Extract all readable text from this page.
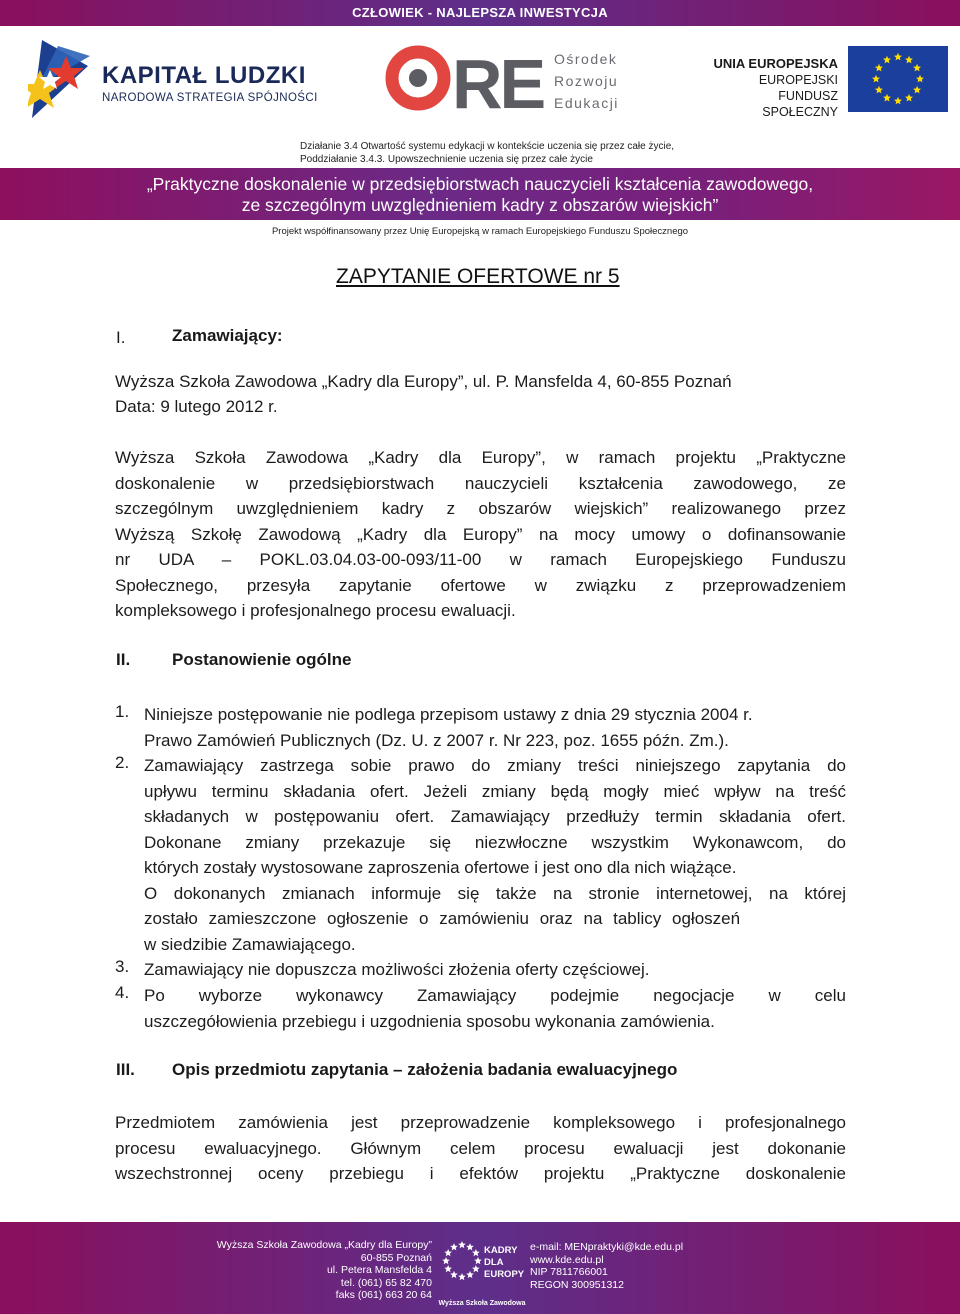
CZŁOWIEK - NAJLEPSZA INWESTYCJA
KAPITAŁ LUDZKI
NARODOWA STRATEGIA SPÓJNOŚCI RE Ośrodek
Rozwoju
Edukacji
UNIA EUROPEJSKA
EUROPEJSKI
FUNDUSZ SPOŁECZNY
Działanie 3.4 Otwartość systemu edykacji w kontekście uczenia się przez całe życie,
Poddziałanie 3.4.3. Upowszechnienie uczenia się przez całe życie
„Praktyczne doskonalenie w przedsiębiorstwach nauczycieli kształcenia zawodowego,
ze szczególnym uwzględnieniem kadry z obszarów wiejskich”
Projekt współfinansowany przez Unię Europejską w ramach Europejskiego Funduszu Społecznego
ZAPYTANIE OFERTOWE nr 5
I.	Zamawiający:
Wyższa Szkoła Zawodowa „Kadry dla Europy”, ul. P. Mansfelda 4, 60-855 Poznań
Data: 9 lutego 2012 r.
Wyższa Szkoła Zawodowa „Kadry dla Europy”, w ramach projektu „Praktyczne
doskonalenie w przedsiębiorstwach nauczycieli kształcenia zawodowego, ze
szczególnym uwzględnieniem kadry z obszarów wiejskich” realizowanego przez
Wyższą Szkołę Zawodową „Kadry dla Europy” na mocy umowy o dofinansowanie
nr UDA – POKL.03.04.03-00-093/11-00 w ramach Europejskiego Funduszu
Społecznego, przesyła zapytanie ofertowe w związku z przeprowadzeniem
kompleksowego i profesjonalnego procesu ewaluacji.
II. Postanowienie ogólne
1. Niniejsze postępowanie nie podlega przepisom ustawy z dnia 29 stycznia 2004 r.
Prawo Zamówień Publicznych (Dz. U. z 2007 r. Nr 223, poz. 1655 późn. Zm.).
2. Zamawiający zastrzega sobie prawo do zmiany treści niniejszego zapytania do
upływu terminu składania ofert. Jeżeli zmiany będą mogły mieć wpływ na treść
składanych w postępowaniu ofert. Zamawiający przedłuży termin składania ofert.
Dokonane zmiany przekazuje się niezwłoczne wszystkim Wykonawcom, do
których zostały wystosowane zaproszenia ofertowe i jest ono dla nich wiążące.
O dokonanych zmianach informuje się także na stronie internetowej, na której
zostało zamieszczone ogłoszenie o zamówieniu oraz na tablicy ogłoszeń
w siedzibie Zamawiającego.
3. Zamawiający nie dopuszcza możliwości złożenia oferty częściowej.
4. Po wyborze wykonawcy Zamawiający podejmie negocjacje w celu
uszczegółowienia przebiegu i uzgodnienia sposobu wykonania zamówienia.
III. Opis przedmiotu zapytania – założenia badania ewaluacyjnego
Przedmiotem zamówienia jest przeprowadzenie kompleksowego i profesjonalnego
procesu ewaluacyjnego. Głównym celem procesu ewaluacji jest dokonanie
wszechstronnej oceny przebiegu i efektów projektu „Praktyczne doskonalenie
Wyższa Szkoła Zawodowa „Kadry dla Europy”
60-855 Poznań
ul. Petera Mansfelda 4
tel. (061) 65 82 470
faks (061) 663 20 64
KADRY
DLA
EUROPY
Wyższa Szkoła Zawodowa
e-mail: MENpraktyki@kde.edu.pl
www.kde.edu.pl
NIP 7811766001
REGON 300951312
